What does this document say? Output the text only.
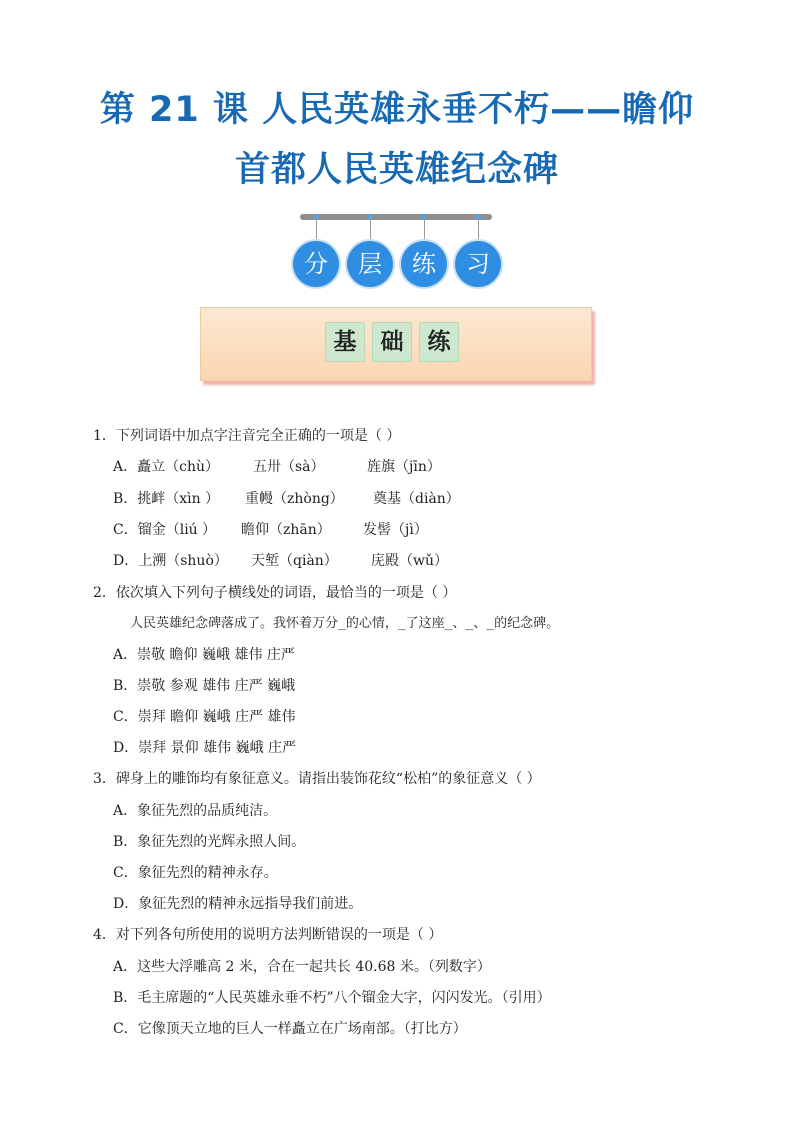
第 21 课 人民英雄永垂不朽——瞻仰
首都人民英雄纪念碑
分	层	练	习
基	础	练
1．下列词语中加点字注音完全正确的一项是（ ）
A．矗立（chù） 五卅（sà）	旌旗（jīn）
B．挑衅（xìn ） 重幔（zhòng） 奠基（diàn）
C．镏金（liú ） 瞻仰（zhān） 发髻（jì）
D．上溯（shuò） 天堑（qiàn） 庑殿（wǔ）
2．依次填入下列句子横线处的词语，最恰当的一项是（ ）
人民英雄纪念碑落成了。我怀着万分_的心情，_了这座_、_、_的纪念碑。
A．崇敬 瞻仰 巍峨 雄伟 庄严
B．崇敬 参观 雄伟 庄严 巍峨
C．崇拜 瞻仰 巍峨 庄严 雄伟
D．崇拜 景仰 雄伟 巍峨 庄严
3．碑身上的雕饰均有象征意义。请指出装饰花纹“松柏”的象征意义（ ）
A．象征先烈的品质纯洁。
B．象征先烈的光辉永照人间。
C．象征先烈的精神永存。
D．象征先烈的精神永远指导我们前进。
4．对下列各句所使用的说明方法判断错误的一项是（ ）
A．这些大浮雕高 2 米，合在一起共长 40.68 米。（列数字）
B．毛主席题的“人民英雄永垂不朽”八个镏金大字，闪闪发光。（引用）
C．它像顶天立地的巨人一样矗立在广场南部。（打比方）
